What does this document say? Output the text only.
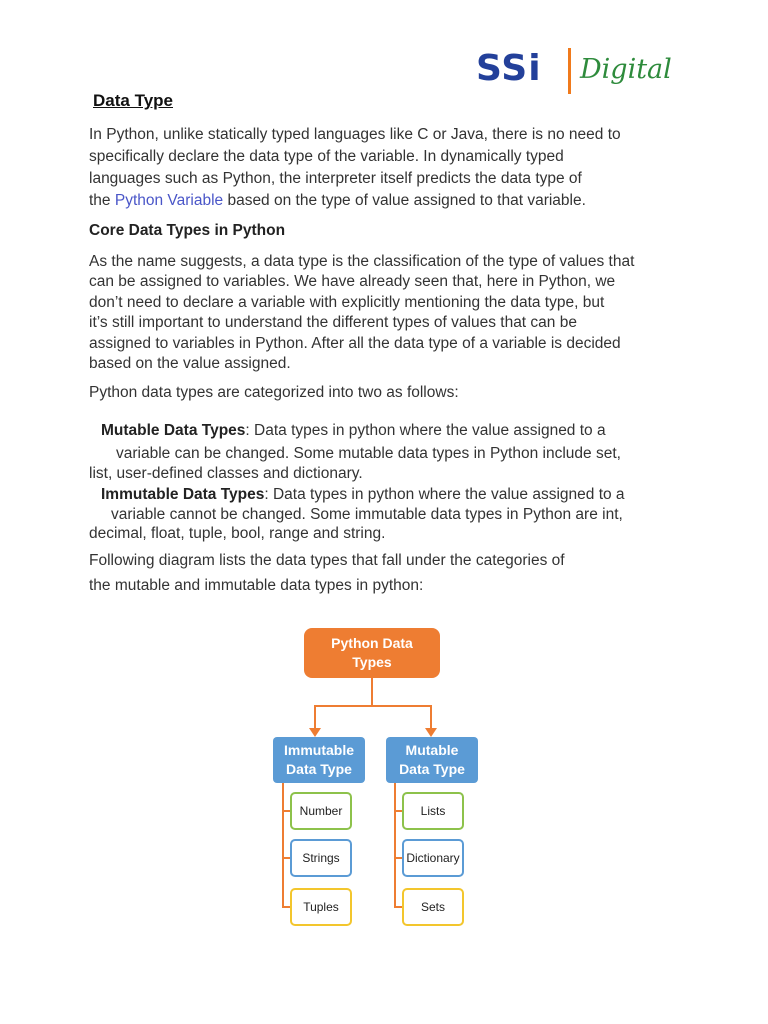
SSi Digital
Data Type
In Python, unlike statically typed languages like C or Java, there is no need to
specifically declare the data type of the variable. In dynamically typed
languages such as Python, the interpreter itself predicts the data type of
the Python Variable based on the type of value assigned to that variable.
Core Data Types in Python
As the name suggests, a data type is the classification of the type of values that
can be assigned to variables. We have already seen that, here in Python, we
don’t need to declare a variable with explicitly mentioning the data type, but
it’s still important to understand the different types of values that can be
assigned to variables in Python. After all the data type of a variable is decided
based on the value assigned.
Python data types are categorized into two as follows:
Mutable Data Types: Data types in python where the value assigned to a
variable can be changed. Some mutable data types in Python include set,
list, user-defined classes and dictionary.
Immutable Data Types: Data types in python where the value assigned to a
variable cannot be changed. Some immutable data types in Python are int,
decimal, float, tuple, bool, range and string.
Following diagram lists the data types that fall under the categories of
the mutable and immutable data types in python:
Python Data
Types
Immutable
Data Type
Mutable
Data Type
Number
Strings
Tuples
Lists
Dictionary
Sets
